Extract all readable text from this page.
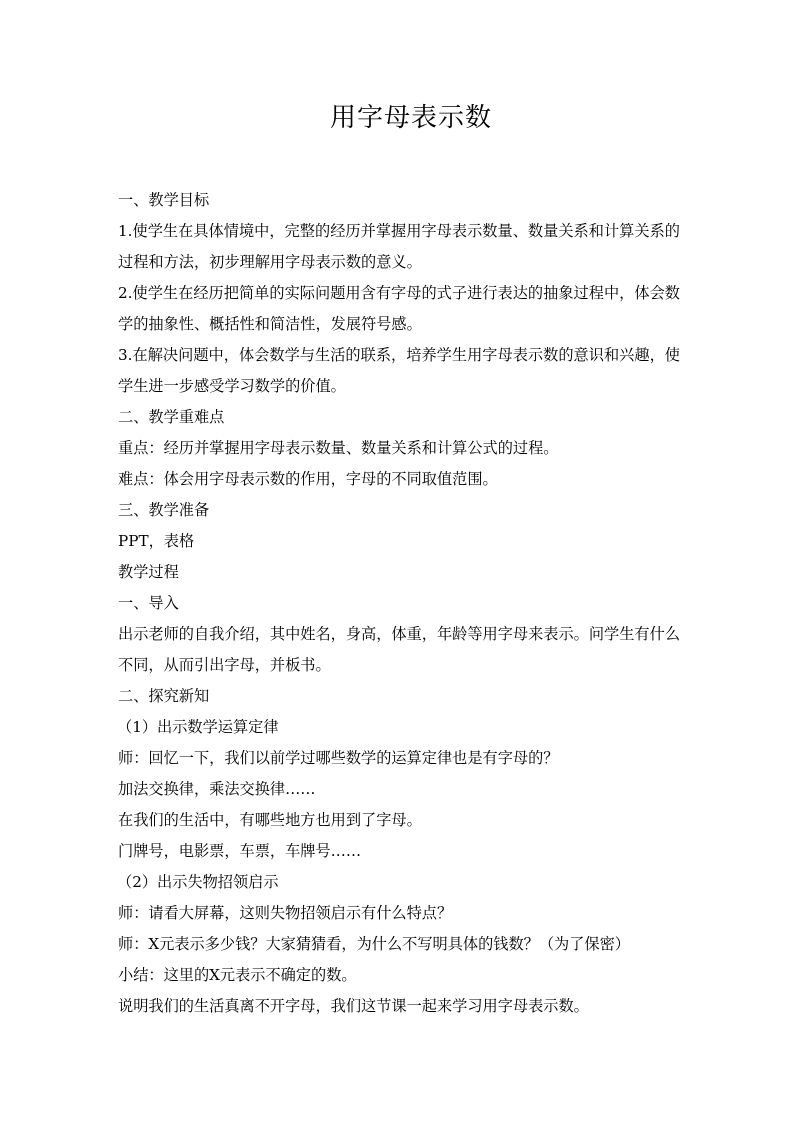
用字母表示数

一、教学目标

1.使学生在具体情境中，完整的经历并掌握用字母表示数量、数量关系和计算关系的过程和方法，初步理解用字母表示数的意义。

2.使学生在经历把简单的实际问题用含有字母的式子进行表达的抽象过程中，体会数学的抽象性、概括性和简洁性，发展符号感。

3.在解决问题中，体会数学与生活的联系，培养学生用字母表示数的意识和兴趣，使学生进一步感受学习数学的价值。

二、教学重难点

重点：经历并掌握用字母表示数量、数量关系和计算公式的过程。

难点：体会用字母表示数的作用，字母的不同取值范围。

三、教学准备

PPT，表格

教学过程

一、导入

出示老师的自我介绍，其中姓名，身高，体重，年龄等用字母来表示。问学生有什么不同，从而引出字母，并板书。

二、探究新知

（1）出示数学运算定律

师：回忆一下，我们以前学过哪些数学的运算定律也是有字母的？

加法交换律，乘法交换律……

在我们的生活中，有哪些地方也用到了字母。

门牌号，电影票，车票，车牌号……

（2）出示失物招领启示

师：请看大屏幕，这则失物招领启示有什么特点？

师：X元表示多少钱？大家猜猜看，为什么不写明具体的钱数？（为了保密）

小结：这里的X元表示不确定的数。

说明我们的生活真离不开字母，我们这节课一起来学习用字母表示数。
